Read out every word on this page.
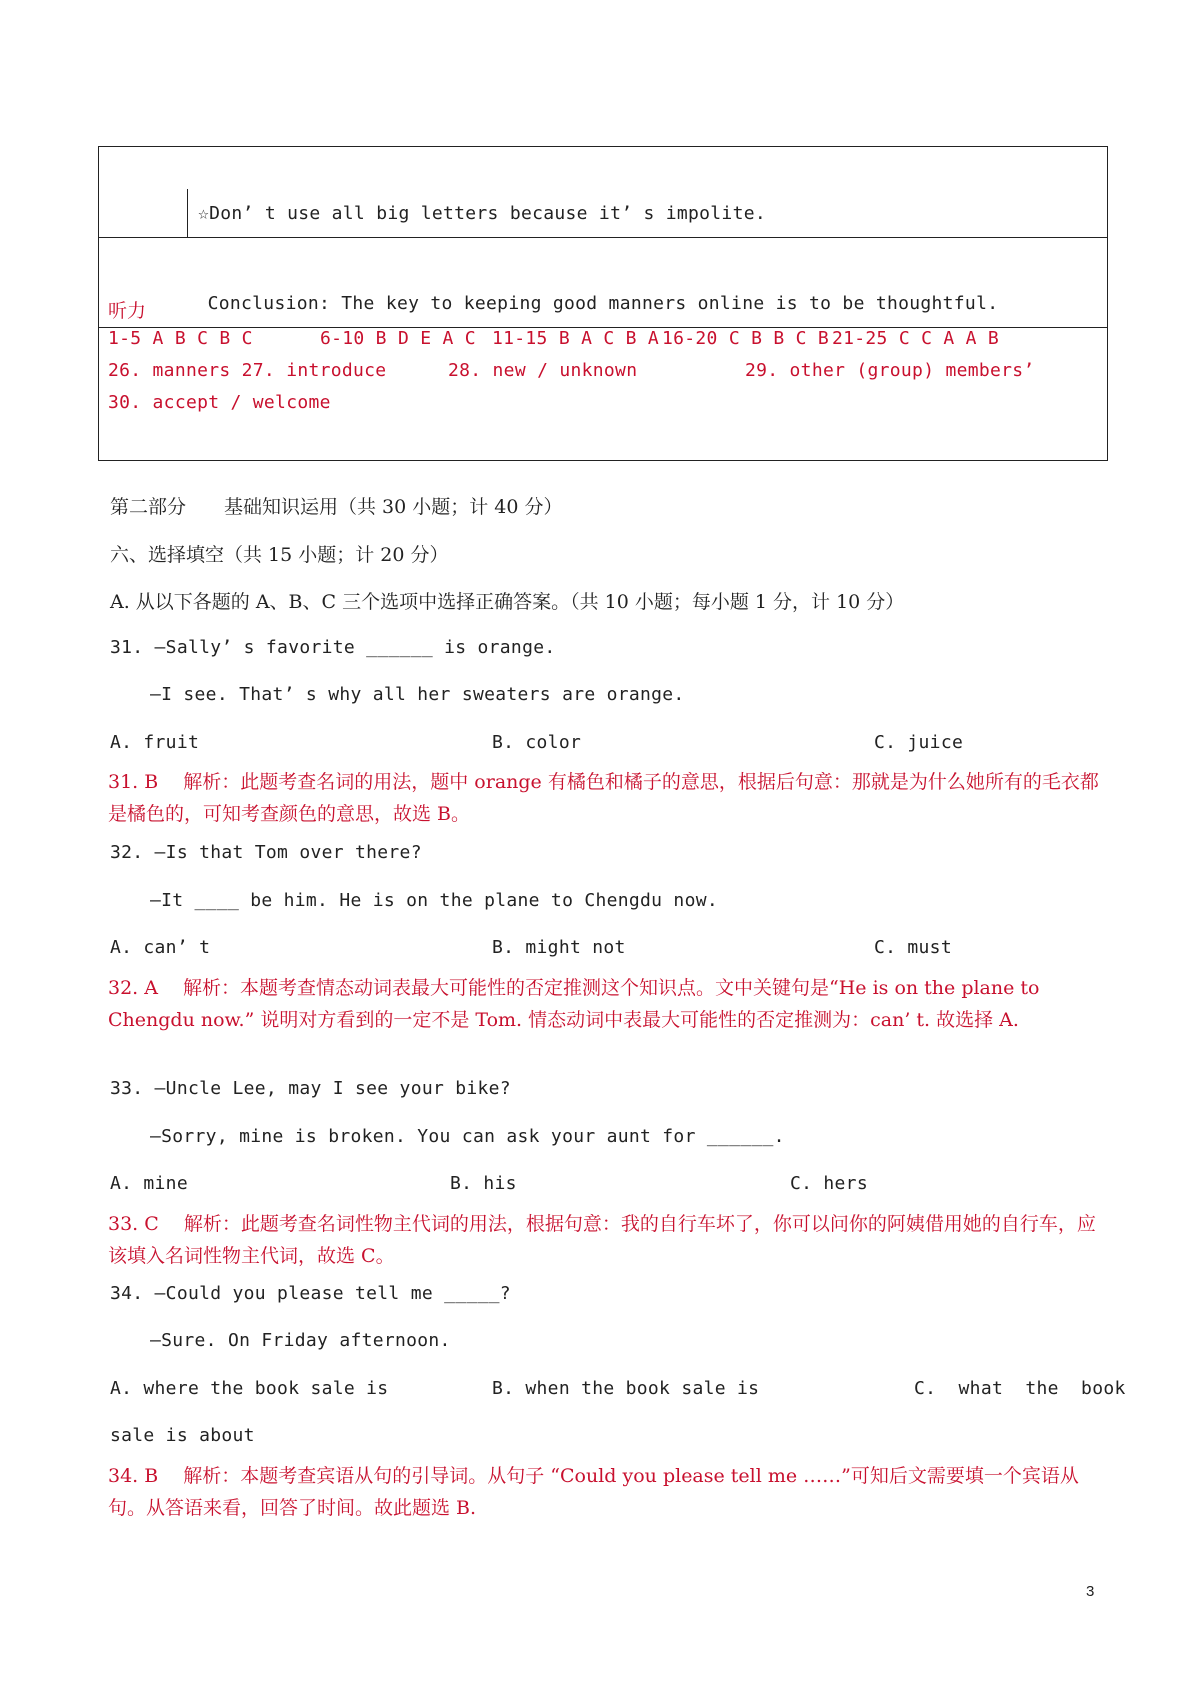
☆Don’ t use all big letters because it’ s impolite.

Conclusion: The key to keeping good manners online is to be thoughtful.

听力
1-5 A B C B C	6-10 B D E A C 11-15 B A C B A 16-20 C B B C B 21-25 C C A A B
26. manners 27. introduce	28. new / unknown	29. other (group) members’
30. accept / welcome
第二部分　　基础知识运用（共 30 小题；计 40 分）
六、选择填空（共 15 小题；计 20 分）
A. 从以下各题的 A、B、C 三个选项中选择正确答案。（共 10 小题；每小题 1 分，计 10 分）
31. —Sally’ s favorite ______ is orange.
—I see. That’ s why all her sweaters are orange.
A. fruit	B. color	C. juice
31. B　 解析：此题考查名词的用法，题中 orange 有橘色和橘子的意思，根据后句意：那就是为什么她所有的毛衣都是橘色的，可知考查颜色的意思，故选 B。
32. —Is that Tom over there?
—It ____ be him. He is on the plane to Chengdu now.
A. can’ t	B. might not	C. must
32. A　 解析：本题考查情态动词表最大可能性的否定推测这个知识点。文中关键句是“He is on the plane to Chengdu now.” 说明对方看到的一定不是 Tom. 情态动词中表最大可能性的否定推测为：can’ t. 故选择 A.
33. —Uncle Lee, may I see your bike?
—Sorry, mine is broken. You can ask your aunt for ______.
A. mine	B. his	C. hers
33. C　 解析：此题考查名词性物主代词的用法，根据句意：我的自行车坏了，你可以问你的阿姨借用她的自行车，应该填入名词性物主代词，故选 C。
34. —Could you please tell me _____?
—Sure. On Friday afternoon.
A. where the book sale is	B. when the book sale is	C.  what  the  book
sale is about
34. B　 解析：本题考查宾语从句的引导词。从句子 “Could you please tell me ……”可知后文需要填一个宾语从句。从答语来看，回答了时间。故此题选 B.
3
